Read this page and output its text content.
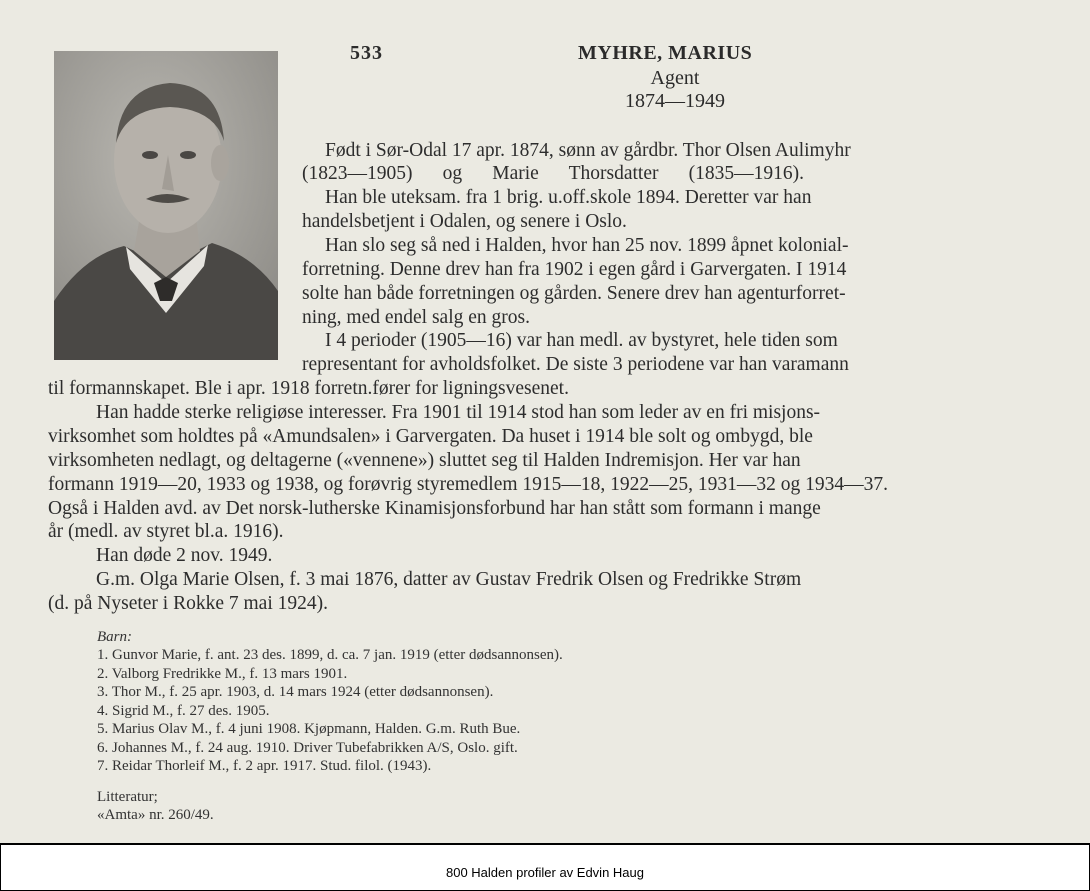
533	MYHRE, MARIUS
Agent
1874—1949
Født i Sør-Odal 17 apr. 1874, sønn av gårdbr. Thor Olsen Aulimyhr
(1823—1905) og Marie Thorsdatter (1835—1916).
Han ble uteksam. fra 1 brig. u.off.skole 1894. Deretter var han
handelsbetjent i Odalen, og senere i Oslo.
Han slo seg så ned i Halden, hvor han 25 nov. 1899 åpnet kolonial-
forretning. Denne drev han fra 1902 i egen gård i Garvergaten. I 1914
solte han både forretningen og gården. Senere drev han agenturforret-
ning, med endel salg en gros.
I 4 perioder (1905—16) var han medl. av bystyret, hele tiden som
representant for avholdsfolket. De siste 3 periodene var han varamann
til formannskapet. Ble i apr. 1918 forretn.fører for ligningsvesenet.
Han hadde sterke religiøse interesser. Fra 1901 til 1914 stod han som leder av en fri misjons-
virksomhet som holdtes på «Amundsalen» i Garvergaten. Da huset i 1914 ble solt og ombygd, ble
virksomheten nedlagt, og deltagerne («vennene») sluttet seg til Halden Indremisjon. Her var han
formann 1919—20, 1933 og 1938, og forøvrig styremedlem 1915—18, 1922—25, 1931—32 og 1934—37.
Også i Halden avd. av Det norsk-lutherske Kinamisjonsforbund har han stått som formann i mange
år (medl. av styret bl.a. 1916).
Han døde 2 nov. 1949.
G.m. Olga Marie Olsen, f. 3 mai 1876, datter av Gustav Fredrik Olsen og Fredrikke Strøm
(d. på Nyseter i Rokke 7 mai 1924).
Barn:
1. Gunvor Marie, f. ant. 23 des. 1899, d. ca. 7 jan. 1919 (etter dødsannonsen).
2. Valborg Fredrikke M., f. 13 mars 1901.
3. Thor M., f. 25 apr. 1903, d. 14 mars 1924 (etter dødsannonsen).
4. Sigrid M., f. 27 des. 1905.
5. Marius Olav M., f. 4 juni 1908. Kjøpmann, Halden. G.m. Ruth Bue.
6. Johannes M., f. 24 aug. 1910. Driver Tubefabrikken A/S, Oslo. gift.
7. Reidar Thorleif M., f. 2 apr. 1917. Stud. filol. (1943).
Litteratur;
«Amta» nr. 260/49.
800 Halden profiler av Edvin Haug
